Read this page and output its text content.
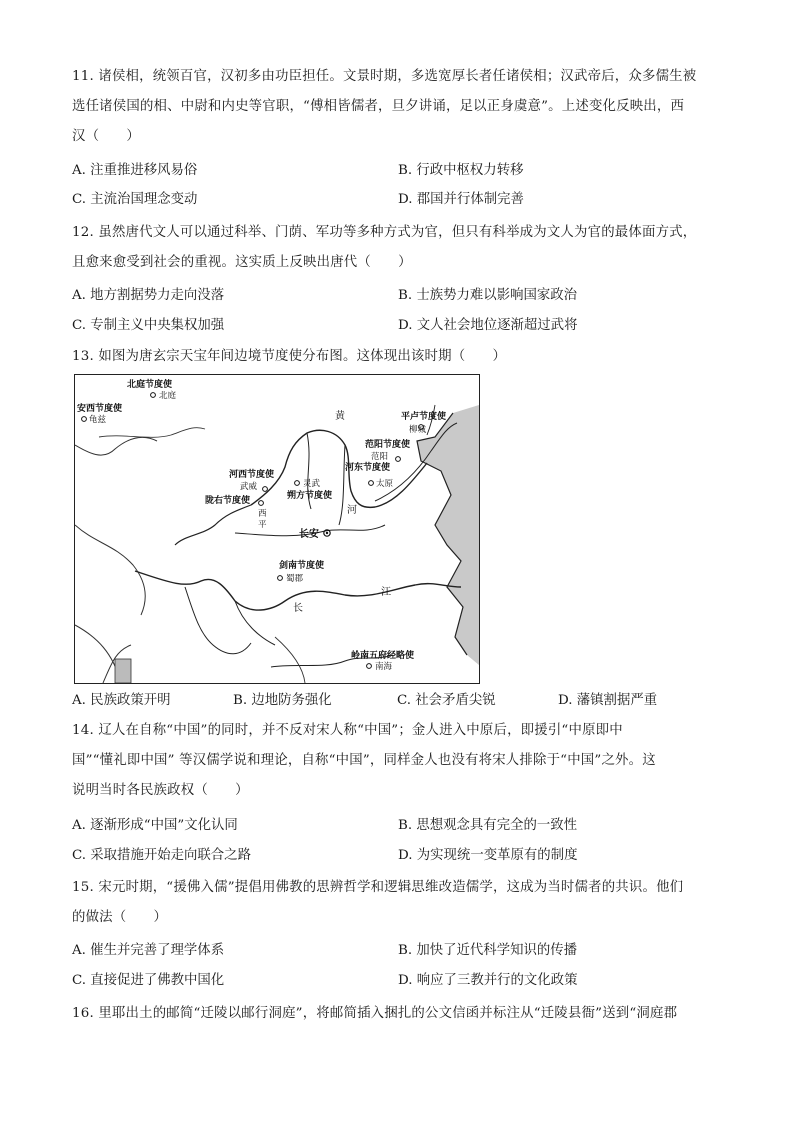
11. 诸侯相，统领百官，汉初多由功臣担任。文景时期，多选宽厚长者任诸侯相；汉武帝后，众多儒生被
选任诸侯国的相、中尉和内史等官职，“傅相皆儒者，旦夕讲诵，足以正身虞意”。上述变化反映出，西
汉（　　）
A. 注重推进移风易俗	B. 行政中枢权力转移
C. 主流治国理念变动	D. 郡国并行体制完善
12. 虽然唐代文人可以通过科举、门荫、军功等多种方式为官，但只有科举成为文人为官的最体面方式，
且愈来愈受到社会的重视。这实质上反映出唐代（　　）
A. 地方割据势力走向没落	B. 士族势力难以影响国家政治
C. 专制主义中央集权加强	D. 文人社会地位逐渐超过武将
13. 如图为唐玄宗天宝年间边境节度使分布图。这体现出该时期（　　）
北庭节度使
北庭
安西节度使
龟兹	平卢节度使
柳城
范阳节度使
范阳
河东节度使
太原
河西节度使
武威	灵武
朔方节度使
陇右节度使
西
平
长安
剑南节度使
蜀郡
岭南五府经略使
南海
黄
河
江
长
A. 民族政策开明	B. 边地防务强化	C. 社会矛盾尖锐	D. 藩镇割据严重
14. 辽人在自称“中国”的同时，并不反对宋人称“中国”；金人进入中原后，即援引“中原即中
国”“懂礼即中国” 等汉儒学说和理论，自称“中国”，同样金人也没有将宋人排除于“中国”之外。这
说明当时各民族政权（　　）
A. 逐渐形成“中国”文化认同	B. 思想观念具有完全的一致性
C. 采取措施开始走向联合之路	D. 为实现统一变革原有的制度
15. 宋元时期，“援佛入儒”提倡用佛教的思辨哲学和逻辑思维改造儒学，这成为当时儒者的共识。他们
的做法（　　）
A. 催生并完善了理学体系	B. 加快了近代科学知识的传播
C. 直接促进了佛教中国化	D. 响应了三教并行的文化政策
16. 里耶出土的邮简“迁陵以邮行洞庭”，将邮简插入捆扎的公文信函并标注从“迁陵县衙”送到“洞庭郡
